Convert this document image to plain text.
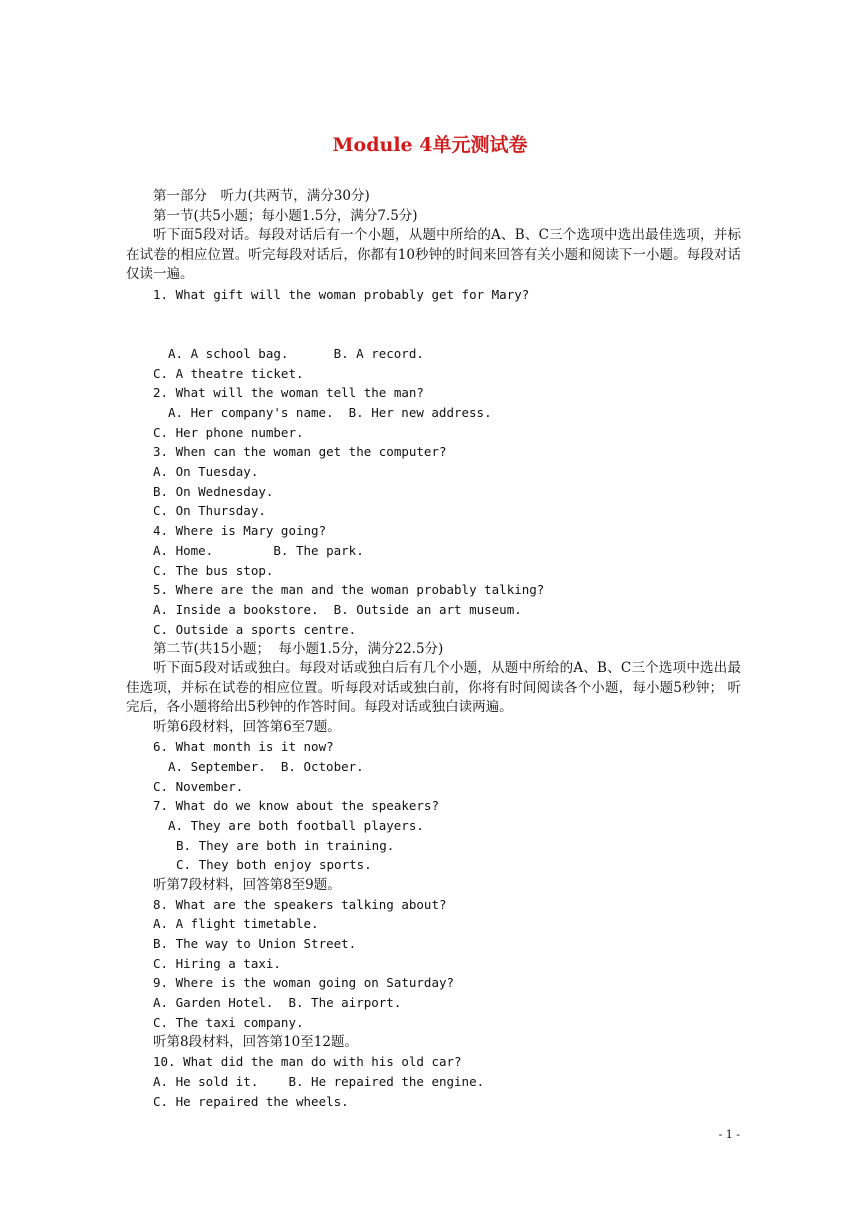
Module 4单元测试卷
第一部分　听力(共两节，满分30分)
第一节(共5小题；每小题1.5分，满分7.5分)
听下面5段对话。每段对话后有一个小题，从题中所给的A、B、C三个选项中选出最佳选项，并标在试卷的相应位置。听完每段对话后，你都有10秒钟的时间来回答有关小题和阅读下一小题。每段对话仅读一遍。
1. What gift will the woman probably get for Mary?
A. A school bag.      B. A record.
C. A theatre ticket.
2. What will the woman tell the man?
A. Her company's name.  B. Her new address.
C. Her phone number.
3. When can the woman get the computer?
A. On Tuesday.
B. On Wednesday.
C. On Thursday.
4. Where is Mary going?
A. Home.        B. The park.
C. The bus stop.
5. Where are the man and the woman probably talking?
A. Inside a bookstore.  B. Outside an art museum.
C. Outside a sports centre.
第二节(共15小题；  每小题1.5分，满分22.5分)
听下面5段对话或独白。每段对话或独白后有几个小题，从题中所给的A、B、C三个选项中选出最佳选项，并标在试卷的相应位置。听每段对话或独白前，你将有时间阅读各个小题，每小题5秒钟； 听完后，各小题将给出5秒钟的作答时间。每段对话或独白读两遍。
听第6段材料，回答第6至7题。
6. What month is it now?
A. September.  B. October.
C. November.
7. What do we know about the speakers?
A. They are both football players.
B. They are both in training.
C. They both enjoy sports.
听第7段材料，回答第8至9题。
8. What are the speakers talking about?
A. A flight timetable.
B. The way to Union Street.
C. Hiring a taxi.
9. Where is the woman going on Saturday?
A. Garden Hotel.  B. The airport.
C. The taxi company.
听第8段材料，回答第10至12题。
10. What did the man do with his old car?
A. He sold it.    B. He repaired the engine.
C. He repaired the wheels.
- 1 -
